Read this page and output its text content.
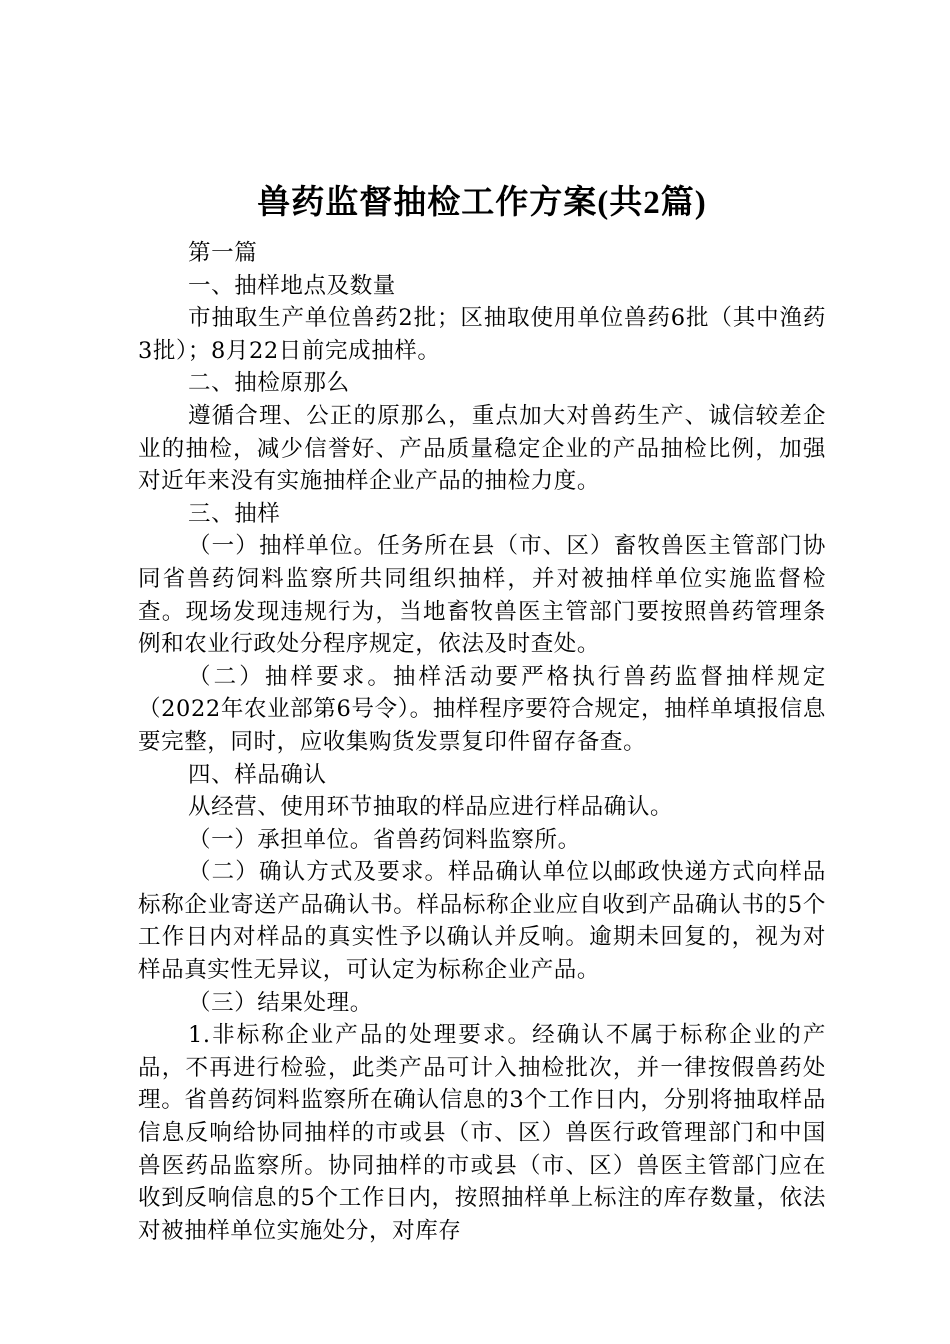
兽药监督抽检工作方案(共2篇)

第一篇

一、抽样地点及数量

市抽取生产单位兽药2批；区抽取使用单位兽药6批（其中渔药3批）；8月22日前完成抽样。

二、抽检原那么

遵循合理、公正的原那么，重点加大对兽药生产、诚信较差企业的抽检，减少信誉好、产品质量稳定企业的产品抽检比例，加强对近年来没有实施抽样企业产品的抽检力度。

三、抽样

（一）抽样单位。任务所在县（市、区）畜牧兽医主管部门协同省兽药饲料监察所共同组织抽样，并对被抽样单位实施监督检查。现场发现违规行为，当地畜牧兽医主管部门要按照兽药管理条例和农业行政处分程序规定，依法及时查处。

（二）抽样要求。抽样活动要严格执行兽药监督抽样规定（2022年农业部第6号令）。抽样程序要符合规定，抽样单填报信息要完整，同时，应收集购货发票复印件留存备查。

四、样品确认

从经营、使用环节抽取的样品应进行样品确认。

（一）承担单位。省兽药饲料监察所。

（二）确认方式及要求。样品确认单位以邮政快递方式向样品标称企业寄送产品确认书。样品标称企业应自收到产品确认书的5个工作日内对样品的真实性予以确认并反响。逾期未回复的，视为对样品真实性无异议，可认定为标称企业产品。

（三）结果处理。

1.非标称企业产品的处理要求。经确认不属于标称企业的产品，不再进行检验，此类产品可计入抽检批次，并一律按假兽药处理。省兽药饲料监察所在确认信息的3个工作日内，分别将抽取样品信息反响给协同抽样的市或县（市、区）兽医行政管理部门和中国兽医药品监察所。协同抽样的市或县（市、区）兽医主管部门应在收到反响信息的5个工作日内，按照抽样单上标注的库存数量，依法对被抽样单位实施处分，对库存
